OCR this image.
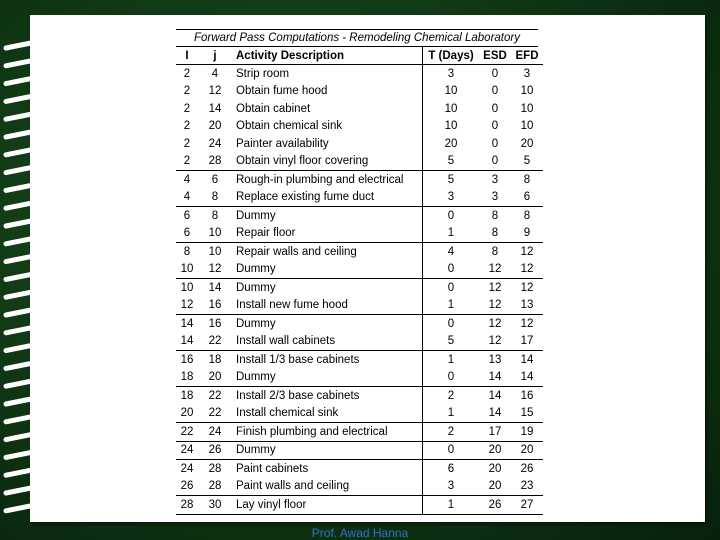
Forward Pass Computations - Remodeling Chemical Laboratory
I	j	Activity Description	T (Days)	ESD	EFD
2	4	Strip room	3	0	3
2	12	Obtain fume hood	10	0	10
2	14	Obtain cabinet	10	0	10
2	20	Obtain chemical sink	10	0	10
2	24	Painter availability	20	0	20
2	28	Obtain vinyl floor covering	5	0	5
4	6	Rough-in plumbing and electrical	5	3	8
4	8	Replace existing fume duct	3	3	6
6	8	Dummy	0	8	8
6	10	Repair floor	1	8	9
8	10	Repair walls and ceiling	4	8	12
10	12	Dummy	0	12	12
10	14	Dummy	0	12	12
12	16	Install new fume hood	1	12	13
14	16	Dummy	0	12	12
14	22	Install wall cabinets	5	12	17
16	18	Install 1/3 base cabinets	1	13	14
18	20	Dummy	0	14	14
18	22	Install 2/3 base cabinets	2	14	16
20	22	Install chemical sink	1	14	15
22	24	Finish plumbing and electrical	2	17	19
24	26	Dummy	0	20	20
24	28	Paint cabinets	6	20	26
26	28	Paint walls and ceiling	3	20	23
28	30	Lay vinyl floor	1	26	27
Prof. Awad Hanna
